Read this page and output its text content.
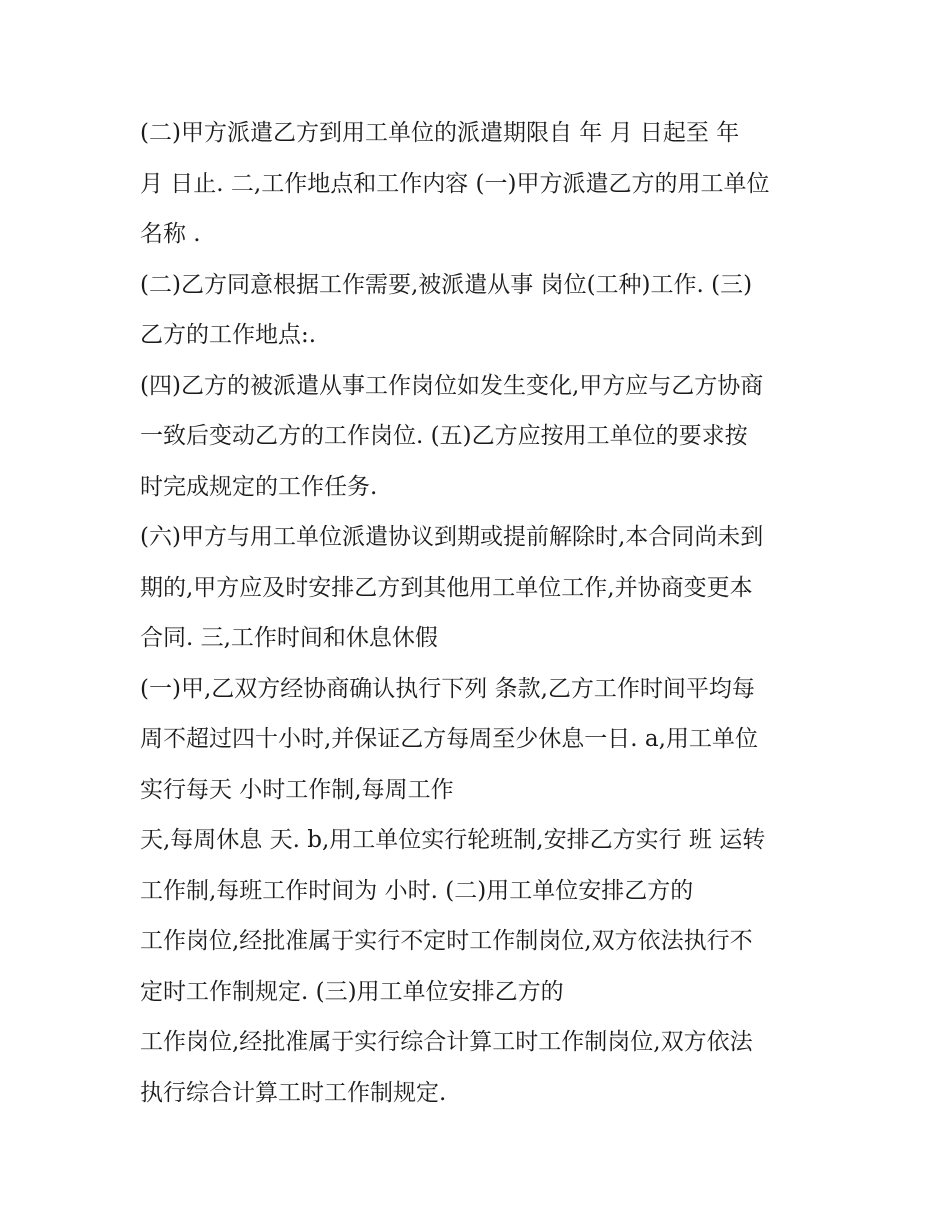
(二)甲方派遣乙方到用工单位的派遣期限自 年 月 日起至 年
月 日止. 二,工作地点和工作内容 (一)甲方派遣乙方的用工单位
名称 .
(二)乙方同意根据工作需要,被派遣从事 岗位(工种)工作. (三)
乙方的工作地点:.
(四)乙方的被派遣从事工作岗位如发生变化,甲方应与乙方协商
一致后变动乙方的工作岗位. (五)乙方应按用工单位的要求按
时完成规定的工作任务.
(六)甲方与用工单位派遣协议到期或提前解除时,本合同尚未到
期的,甲方应及时安排乙方到其他用工单位工作,并协商变更本
合同. 三,工作时间和休息休假
(一)甲,乙双方经协商确认执行下列 条款,乙方工作时间平均每
周不超过四十小时,并保证乙方每周至少休息一日. a,用工单位
实行每天 小时工作制,每周工作
天,每周休息 天. b,用工单位实行轮班制,安排乙方实行 班 运转
工作制,每班工作时间为 小时. (二)用工单位安排乙方的
工作岗位,经批准属于实行不定时工作制岗位,双方依法执行不
定时工作制规定. (三)用工单位安排乙方的
工作岗位,经批准属于实行综合计算工时工作制岗位,双方依法
执行综合计算工时工作制规定.
